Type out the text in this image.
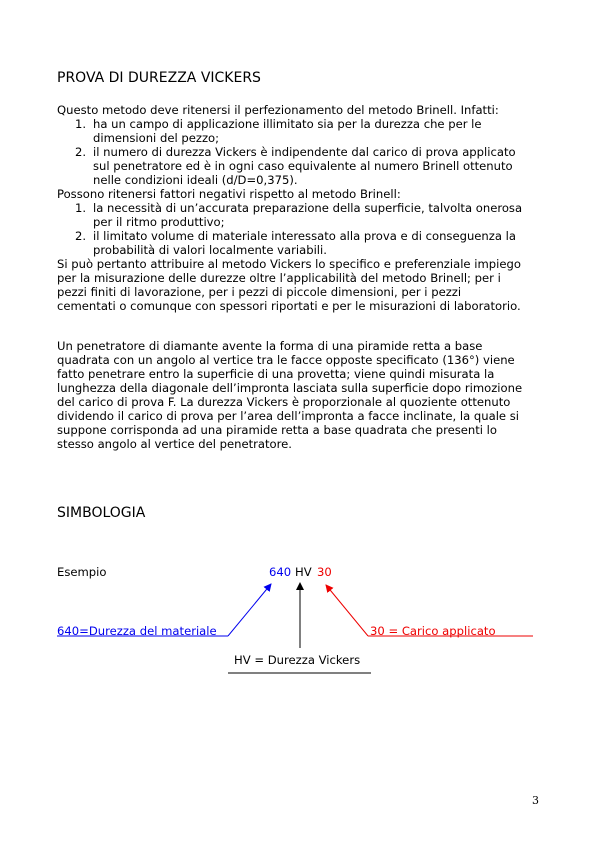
PROVA DI DUREZZA VICKERS
Questo metodo deve ritenersi il perfezionamento del metodo Brinell. Infatti:
1. ha un campo di applicazione illimitato sia per la durezza che per le
dimensioni del pezzo;
2. il numero di durezza Vickers è indipendente dal carico di prova applicato
sul penetratore ed è in ogni caso equivalente al numero Brinell ottenuto
nelle condizioni ideali (d/D=0,375).
Possono ritenersi fattori negativi rispetto al metodo Brinell:
1. la necessità di un’accurata preparazione della superficie, talvolta onerosa
per il ritmo produttivo;
2. il limitato volume di materiale interessato alla prova e di conseguenza la
probabilità di valori localmente variabili.
Si può pertanto attribuire al metodo Vickers lo specifico e preferenziale impiego
per la misurazione delle durezze oltre l’applicabilità del metodo Brinell; per i
pezzi finiti di lavorazione, per i pezzi di piccole dimensioni, per i pezzi
cementati o comunque con spessori riportati e per le misurazioni di laboratorio.
Un penetratore di diamante avente la forma di una piramide retta a base
quadrata con un angolo al vertice tra le facce opposte specificato (136°) viene
fatto penetrare entro la superficie di una provetta; viene quindi misurata la
lunghezza della diagonale dell’impronta lasciata sulla superficie dopo rimozione
del carico di prova F. La durezza Vickers è proporzionale al quoziente ottenuto
dividendo il carico di prova per l’area dell’impronta a facce inclinate, la quale si
suppone corrisponda ad una piramide retta a base quadrata che presenti lo
stesso angolo al vertice del penetratore.
SIMBOLOGIA
Esempio	640 HV 30
640=Durezza del materiale	30 = Carico applicato
HV = Durezza Vickers
3
